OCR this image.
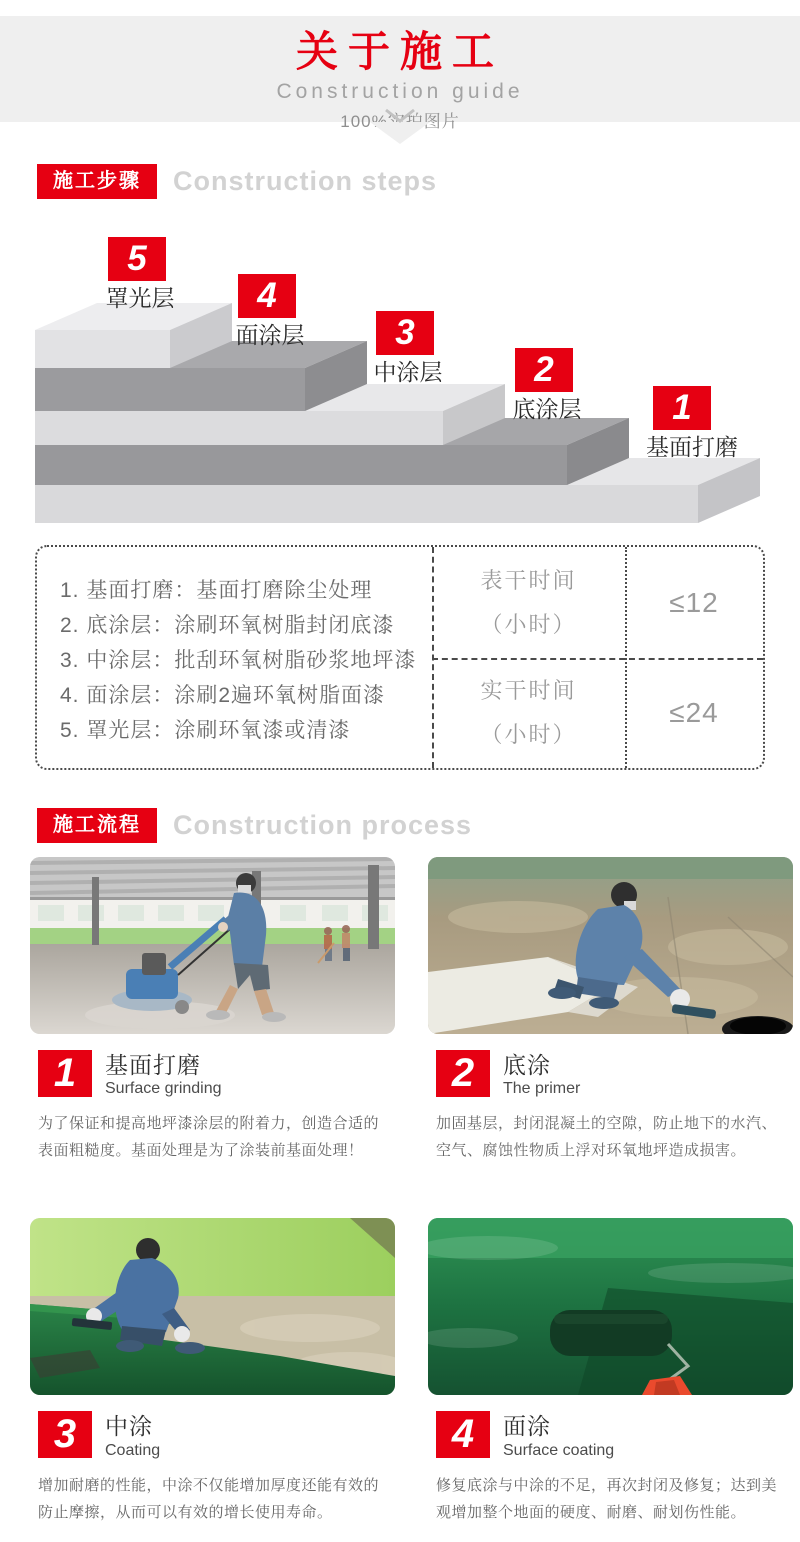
关于施工
Construction guide
100%实拍图片
施工步骤	Construction steps
5
罩光层	4
面涂层	3
中涂层	2
底涂层	1
基面打磨
1. 基面打磨：基面打磨除尘处理
2. 底涂层：涂刷环氧树脂封闭底漆
3. 中涂层：批刮环氧树脂砂浆地坪漆
4. 面涂层：涂刷2遍环氧树脂面漆
5. 罩光层：涂刷环氧漆或清漆
表干时间
（小时）
≤12
实干时间
（小时）
≤24
施工流程	Construction process
1	基面打磨
Surface grinding
为了保证和提高地坪漆涂层的附着力，创造合适的表面粗糙度。基面处理是为了涂装前基面处理！
2	底涂
The primer
加固基层，封闭混凝土的空隙，防止地下的水汽、空气、腐蚀性物质上浮对环氧地坪造成损害。
3	中涂
Coating
增加耐磨的性能，中涂不仅能增加厚度还能有效的防止摩擦，从而可以有效的增长使用寿命。
4	面涂
Surface coating
修复底涂与中涂的不足，再次封闭及修复；达到美观增加整个地面的硬度、耐磨、耐划伤性能。
